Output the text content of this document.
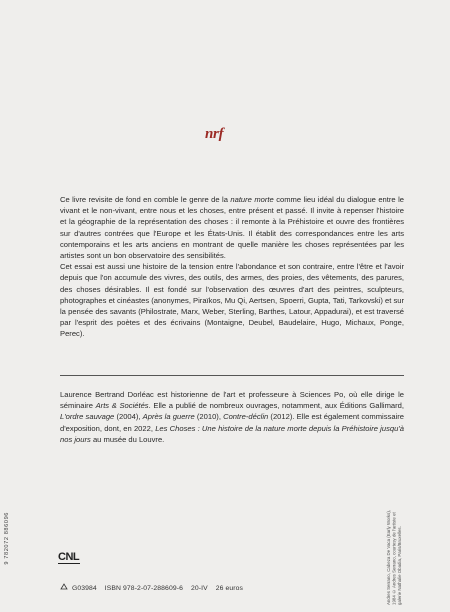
nrf

Ce livre revisite de fond en comble le genre de la nature morte comme lieu idéal du dialogue entre le vivant et le non-vivant, entre nous et les choses, entre présent et passé. Il invite à repenser l'histoire et la géographie de la représentation des choses : il remonte à la Préhistoire et ouvre des frontières sur d'autres contrées que l'Europe et les États-Unis. Il établit des correspondances entre les arts contemporains et les arts anciens en montrant de quelle manière les choses représentées par les artistes sont un bon observatoire des sensibilités.

Cet essai est aussi une histoire de la tension entre l'abondance et son contraire, entre l'être et l'avoir depuis que l'on accumule des vivres, des outils, des armes, des proies, des vêtements, des parures, des choses désirables. Il est fondé sur l'observation des œuvres d'art des peintres, sculpteurs, photographes et cinéastes (anonymes, Piraïkos, Mu Qi, Aertsen, Spoerri, Gupta, Tati, Tarkovski) et sur la pensée des savants (Philostrate, Marx, Weber, Sterling, Barthes, Latour, Appadurai), et est traversé par l'esprit des poètes et des écrivains (Montaigne, Deubel, Baudelaire, Hugo, Michaux, Ponge, Perec).

Laurence Bertrand Dorléac est historienne de l'art et professeure à Sciences Po, où elle dirige le séminaire Arts & Sociétés. Elle a publié de nombreux ouvrages, notamment, aux Éditions Gallimard, L'ordre sauvage (2004), Après la guerre (2010), Contre-déclin (2012). Elle est également commissaire d'exposition, dont, en 2022, Les Choses : Une histoire de la nature morte depuis la Préhistoire jusqu'à nos jours au musée du Louvre.

9 782072 886096	CNL	Andres Serrano, Cabeza De Vaca (Early Works), 1984 © Andres Serrano, courtesy de l'artiste et galerie Nathalie Obadia, Paris/Bruxelles.
G03984 ISBN 978-2-07-288609-6 20-IV 26 euros
